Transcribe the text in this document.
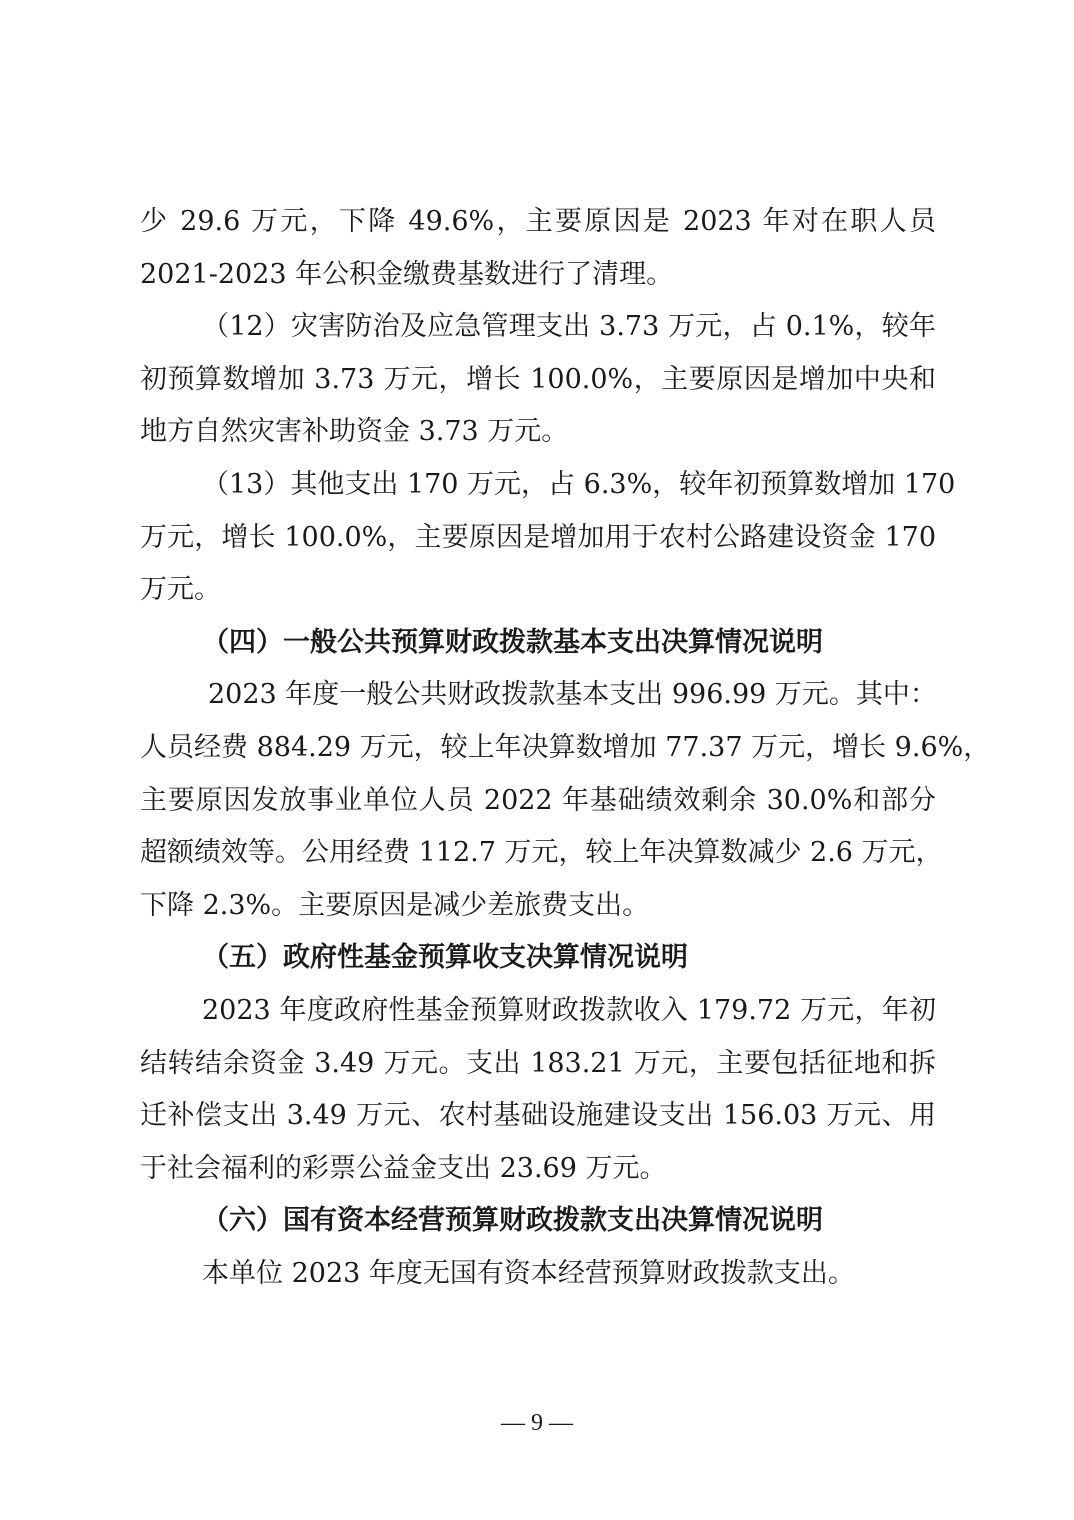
少 29.6 万元，下降 49.6%，主要原因是 2023 年对在职人员
2021-2023 年公积金缴费基数进行了清理。
（12）灾害防治及应急管理支出 3.73 万元，占 0.1%，较年
初预算数增加 3.73 万元，增长 100.0%，主要原因是增加中央和
地方自然灾害补助资金 3.73 万元。
（13）其他支出 170 万元，占 6.3%，较年初预算数增加 170
万元，增长 100.0%，主要原因是增加用于农村公路建设资金 170
万元。
（四）一般公共预算财政拨款基本支出决算情况说明
2023 年度一般公共财政拨款基本支出 996.99 万元。其中：
人员经费 884.29 万元，较上年决算数增加 77.37 万元，增长 9.6%，
主要原因发放事业单位人员 2022 年基础绩效剩余 30.0%和部分
超额绩效等。公用经费 112.7 万元，较上年决算数减少 2.6 万元，
下降 2.3%。主要原因是减少差旅费支出。
（五）政府性基金预算收支决算情况说明
2023 年度政府性基金预算财政拨款收入 179.72 万元，年初
结转结余资金 3.49 万元。支出 183.21 万元，主要包括征地和拆
迁补偿支出 3.49 万元、农村基础设施建设支出 156.03 万元、用
于社会福利的彩票公益金支出 23.69 万元。
（六）国有资本经营预算财政拨款支出决算情况说明
本单位 2023 年度无国有资本经营预算财政拨款支出。
— 9 —
